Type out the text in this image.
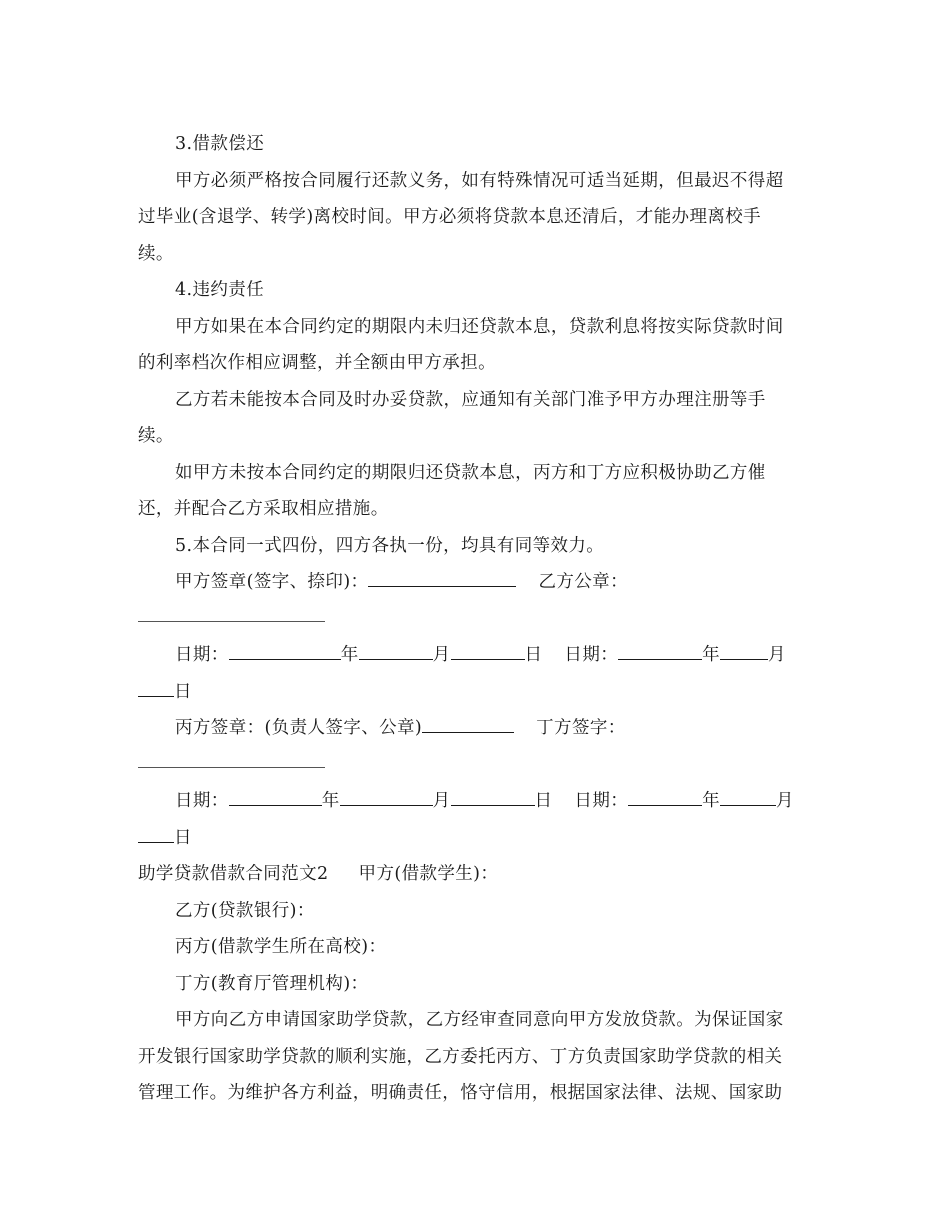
3.借款偿还
甲方必须严格按合同履行还款义务，如有特殊情况可适当延期，但最迟不得超
过毕业(含退学、转学)离校时间。甲方必须将贷款本息还清后，才能办理离校手
续。
4.违约责任
甲方如果在本合同约定的期限内未归还贷款本息，贷款利息将按实际贷款时间
的利率档次作相应调整，并全额由甲方承担。
乙方若未能按本合同及时办妥贷款，应通知有关部门准予甲方办理注册等手
续。
如甲方未按本合同约定的期限归还贷款本息，丙方和丁方应积极协助乙方催
还，并配合乙方采取相应措施。
5.本合同一式四份，四方各执一份，均具有同等效力。
甲方签章(签字、捺印)：	乙方公章：
日期：	年	月	日 日期：	年	月
日
丙方签章：(负责人签字、公章)	丁方签字：
日期：	年	月	日 日期：	年	月
日
助学贷款借款合同范文2 甲方(借款学生)：
乙方(贷款银行)：
丙方(借款学生所在高校)：
丁方(教育厅管理机构)：
甲方向乙方申请国家助学贷款，乙方经审查同意向甲方发放贷款。为保证国家
开发银行国家助学贷款的顺利实施，乙方委托丙方、丁方负责国家助学贷款的相关
管理工作。为维护各方利益，明确责任，恪守信用，根据国家法律、法规、国家助
